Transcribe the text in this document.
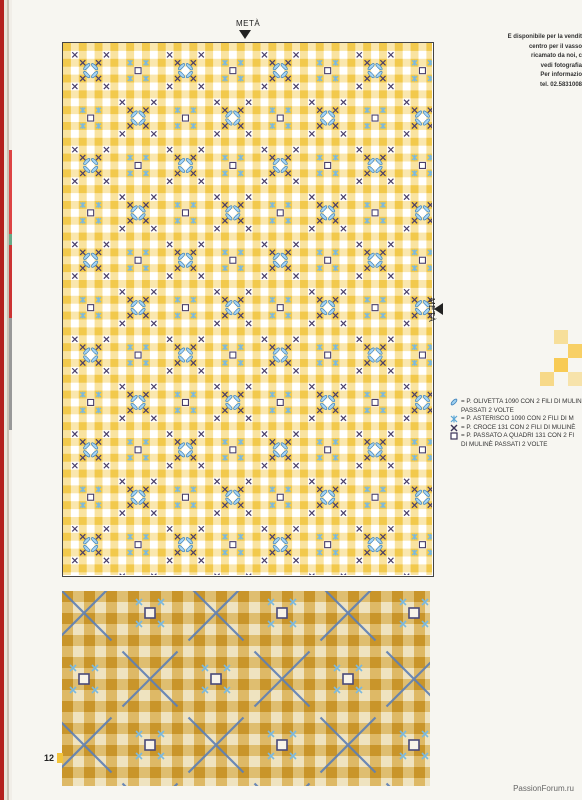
METÀ
È disponibile per la vendit
centro per il vasso
ricamato da noi, c
vedi fotografia
Per informazio
tel. 02.5831008
METÀ
= P. OLIVETTA 1090 CON 2 FILI DI MULIN
PASSATI 2 VOLTE
= P. ASTERISCO 1090 CON 2 FILI DI M
= P. CROCE 131 CON 2 FILI DI MULINÈ
= P. PASSATO A QUADRI 131 CON 2 FI
DI MULINÈ PASSATI 2 VOLTE
12
PassionForum.ru
